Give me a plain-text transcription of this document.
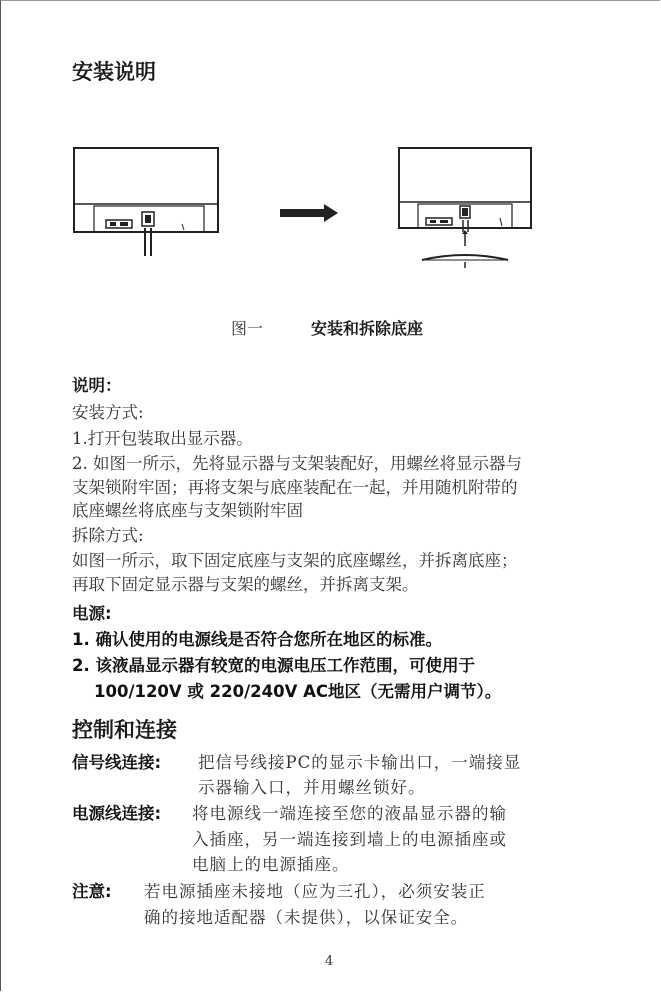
安装说明
图一	安装和拆除底座
说明：
安装方式:
1.打开包装取出显示器。
2. 如图一所示，先将显示器与支架装配好，用螺丝将显示器与
支架锁附牢固；再将支架与底座装配在一起，并用随机附带的
底座螺丝将底座与支架锁附牢固
拆除方式:
如图一所示，取下固定底座与支架的底座螺丝，并拆离底座；
再取下固定显示器与支架的螺丝，并拆离支架。
电源:
1. 确认使用的电源线是否符合您所在地区的标准。
2. 该液晶显示器有较宽的电源电压工作范围，可使用于
100/120V 或 220/240V AC地区（无需用户调节）。
控制和连接
信号线连接: 把信号线接PC的显示卡输出口，一端接显
示器输入口，并用螺丝锁好。
电源线连接: 将电源线一端连接至您的液晶显示器的输
入插座，另一端连接到墙上的电源插座或
电脑上的电源插座。
注意: 若电源插座未接地（应为三孔），必须安装正
确的接地适配器（未提供），以保证安全。
4
